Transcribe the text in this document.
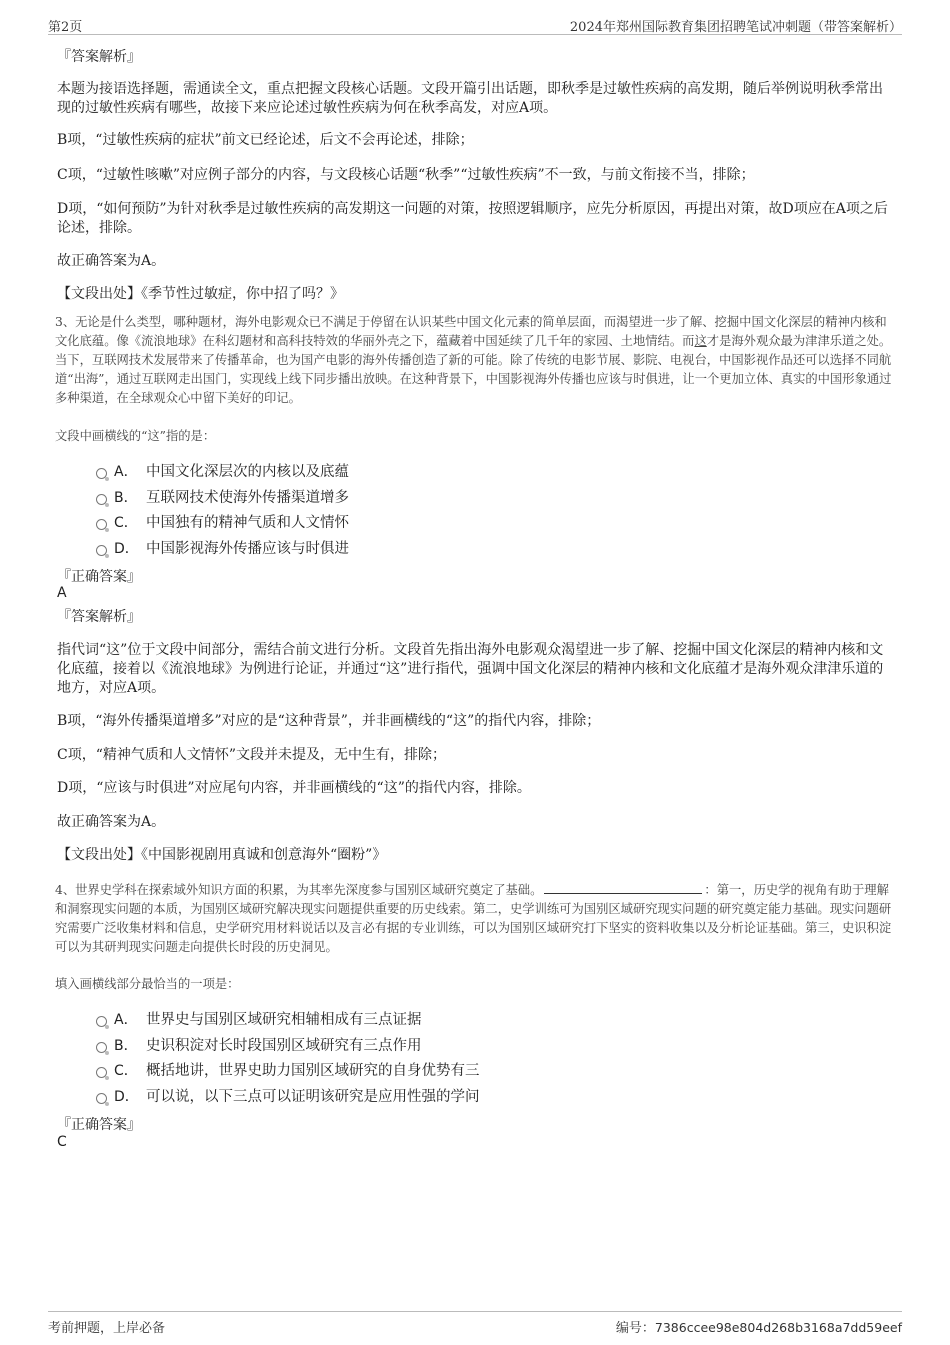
第2页	2024年郑州国际教育集团招聘笔试冲刺题（带答案解析）
『答案解析』
本题为接语选择题，需通读全文，重点把握文段核心话题。文段开篇引出话题，即秋季是过敏性疾病的高发期，随后举例说明秋季常出现的过敏性疾病有哪些，故接下来应论述过敏性疾病为何在秋季高发，对应A项。
B项，“过敏性疾病的症状”前文已经论述，后文不会再论述，排除；
C项，“过敏性咳嗽”对应例子部分的内容，与文段核心话题“秋季”“过敏性疾病”不一致，与前文衔接不当，排除；
D项，“如何预防”为针对秋季是过敏性疾病的高发期这一问题的对策，按照逻辑顺序，应先分析原因，再提出对策，故D项应在A项之后论述，排除。
故正确答案为A。
【文段出处】《季节性过敏症，你中招了吗？》
3、无论是什么类型，哪种题材，海外电影观众已不满足于停留在认识某些中国文化元素的简单层面，而渴望进一步了解、挖掘中国文化深层的精神内核和文化底蕴。像《流浪地球》在科幻题材和高科技特效的华丽外壳之下，蕴藏着中国延续了几千年的家园、土地情结。而这才是海外观众最为津津乐道之处。当下，互联网技术发展带来了传播革命，也为国产电影的海外传播创造了新的可能。除了传统的电影节展、影院、电视台，中国影视作品还可以选择不同航道“出海”，通过互联网走出国门，实现线上线下同步播出放映。在这种背景下，中国影视海外传播也应该与时俱进，让一个更加立体、真实的中国形象通过多种渠道，在全球观众心中留下美好的印记。
文段中画横线的“这”指的是：
A． 中国文化深层次的内核以及底蕴
B． 互联网技术使海外传播渠道增多
C． 中国独有的精神气质和人文情怀
D． 中国影视海外传播应该与时俱进
『正确答案』
A
『答案解析』
指代词“这”位于文段中间部分，需结合前文进行分析。文段首先指出海外电影观众渴望进一步了解、挖掘中国文化深层的精神内核和文化底蕴，接着以《流浪地球》为例进行论证，并通过“这”进行指代，强调中国文化深层的精神内核和文化底蕴才是海外观众津津乐道的地方，对应A项。
B项，“海外传播渠道增多”对应的是“这种背景”，并非画横线的“这”的指代内容，排除；
C项，“精神气质和人文情怀”文段并未提及，无中生有，排除；
D项，“应该与时俱进”对应尾句内容，并非画横线的“这”的指代内容，排除。
故正确答案为A。
【文段出处】《中国影视剧用真诚和创意海外“圈粉”》
4、世界史学科在探索域外知识方面的积累，为其率先深度参与国别区域研究奠定了基础。	：第一，历史学的视角有助于理解和洞察现实问题的本质，为国别区域研究解决现实问题提供重要的历史线索。第二，史学训练可为国别区域研究现实问题的研究奠定能力基础。现实问题研究需要广泛收集材料和信息，史学研究用材料说话以及言必有据的专业训练，可以为国别区域研究打下坚实的资料收集以及分析论证基础。第三，史识积淀可以为其研判现实问题走向提供长时段的历史洞见。
填入画横线部分最恰当的一项是：
A． 世界史与国别区域研究相辅相成有三点证据
B． 史识积淀对长时段国别区域研究有三点作用
C． 概括地讲，世界史助力国别区域研究的自身优势有三
D． 可以说，以下三点可以证明该研究是应用性强的学问
『正确答案』
C
考前押题，上岸必备	编号：7386ccee98e804d268b3168a7dd59eef
